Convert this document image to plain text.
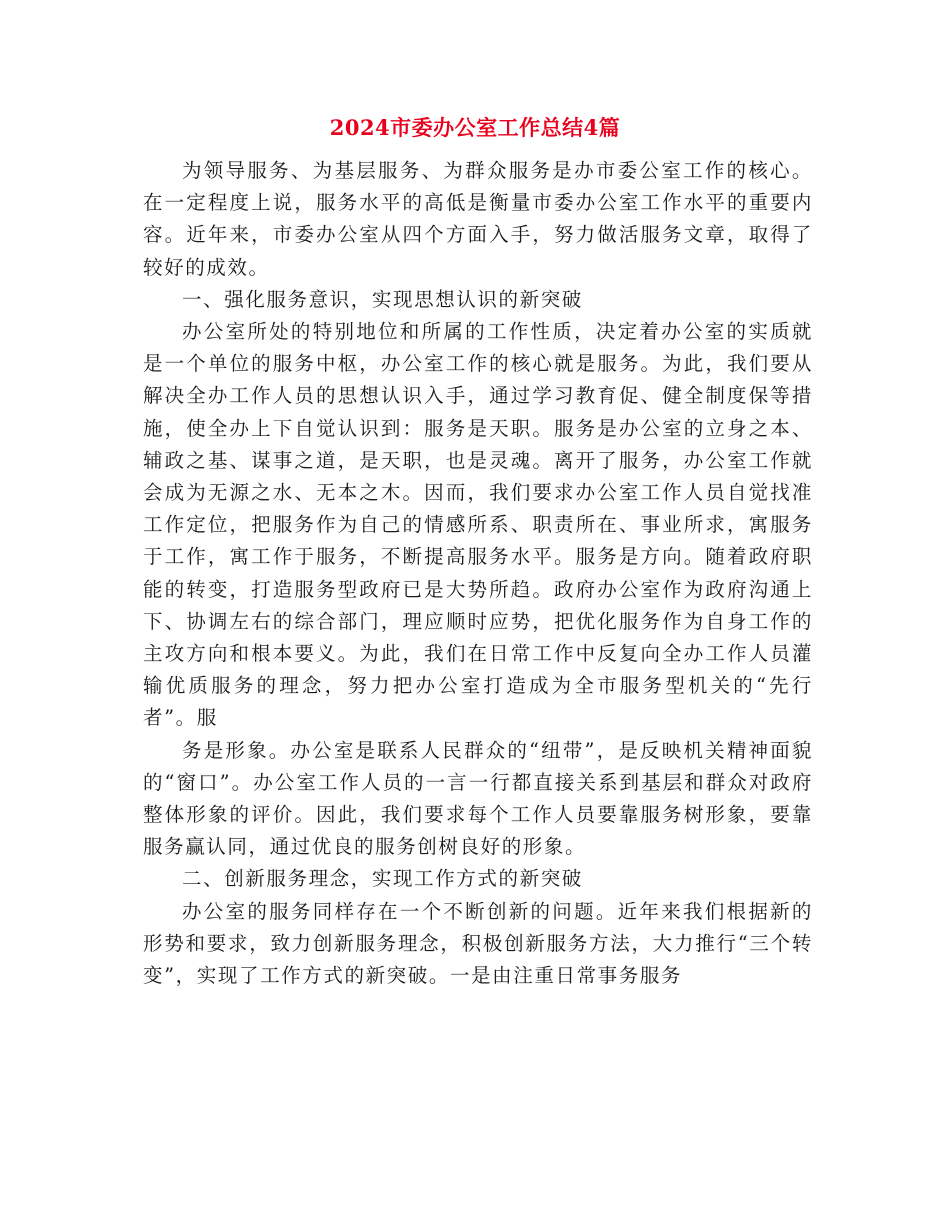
2024市委办公室工作总结4篇

为领导服务、为基层服务、为群众服务是办市委公室工作的核心。在一定程度上说，服务水平的高低是衡量市委办公室工作水平的重要内容。近年来，市委办公室从四个方面入手，努力做活服务文章，取得了较好的成效。

一、强化服务意识，实现思想认识的新突破

办公室所处的特别地位和所属的工作性质，决定着办公室的实质就是一个单位的服务中枢，办公室工作的核心就是服务。为此，我们要从解决全办工作人员的思想认识入手，通过学习教育促、健全制度保等措施，使全办上下自觉认识到：服务是天职。服务是办公室的立身之本、辅政之基、谋事之道，是天职，也是灵魂。离开了服务，办公室工作就会成为无源之水、无本之木。因而，我们要求办公室工作人员自觉找准工作定位，把服务作为自己的情感所系、职责所在、事业所求，寓服务于工作，寓工作于服务，不断提高服务水平。服务是方向。随着政府职能的转变，打造服务型政府已是大势所趋。政府办公室作为政府沟通上下、协调左右的综合部门，理应顺时应势，把优化服务作为自身工作的主攻方向和根本要义。为此，我们在日常工作中反复向全办工作人员灌输优质服务的理念，努力把办公室打造成为全市服务型机关的“先行者”。服

务是形象。办公室是联系人民群众的“纽带”，是反映机关精神面貌的“窗口”。办公室工作人员的一言一行都直接关系到基层和群众对政府整体形象的评价。因此，我们要求每个工作人员要靠服务树形象，要靠服务赢认同，通过优良的服务创树良好的形象。

二、创新服务理念，实现工作方式的新突破

办公室的服务同样存在一个不断创新的问题。近年来我们根据新的形势和要求，致力创新服务理念，积极创新服务方法，大力推行“三个转变”，实现了工作方式的新突破。一是由注重日常事务服务
